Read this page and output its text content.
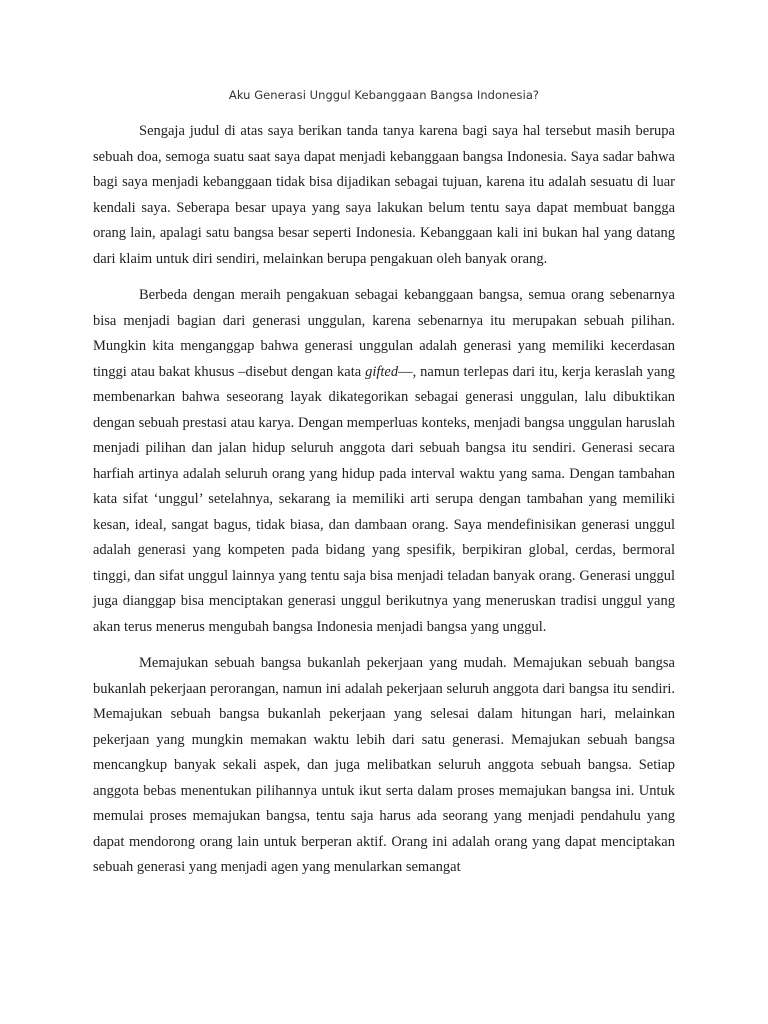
Aku Generasi Unggul Kebanggaan Bangsa Indonesia?

Sengaja judul di atas saya berikan tanda tanya karena bagi saya hal tersebut masih berupa sebuah doa, semoga suatu saat saya dapat menjadi kebanggaan bangsa Indonesia. Saya sadar bahwa bagi saya menjadi kebanggaan tidak bisa dijadikan sebagai tujuan, karena itu adalah sesuatu di luar kendali saya. Seberapa besar upaya yang saya lakukan belum tentu saya dapat membuat bangga orang lain, apalagi satu bangsa besar seperti Indonesia. Kebanggaan kali ini bukan hal yang datang dari klaim untuk diri sendiri, melainkan berupa pengakuan oleh banyak orang.

Berbeda dengan meraih pengakuan sebagai kebanggaan bangsa, semua orang sebenarnya bisa menjadi bagian dari generasi unggulan, karena sebenarnya itu merupakan sebuah pilihan. Mungkin kita menganggap bahwa generasi unggulan adalah generasi yang memiliki kecerdasan tinggi atau bakat khusus –disebut dengan kata gifted—, namun terlepas dari itu, kerja keraslah yang membenarkan bahwa seseorang layak dikategorikan sebagai generasi unggulan, lalu dibuktikan dengan sebuah prestasi atau karya. Dengan memperluas konteks, menjadi bangsa unggulan haruslah menjadi pilihan dan jalan hidup seluruh anggota dari sebuah bangsa itu sendiri. Generasi secara harfiah artinya adalah seluruh orang yang hidup pada interval waktu yang sama. Dengan tambahan kata sifat ‘unggul’ setelahnya, sekarang ia memiliki arti serupa dengan tambahan yang memiliki kesan, ideal, sangat bagus, tidak biasa, dan dambaan orang. Saya mendefinisikan generasi unggul adalah generasi yang kompeten pada bidang yang spesifik, berpikiran global, cerdas, bermoral tinggi, dan sifat unggul lainnya yang tentu saja bisa menjadi teladan banyak orang. Generasi unggul juga dianggap bisa menciptakan generasi unggul berikutnya yang meneruskan tradisi unggul yang akan terus menerus mengubah bangsa Indonesia menjadi bangsa yang unggul.

Memajukan sebuah bangsa bukanlah pekerjaan yang mudah. Memajukan sebuah bangsa bukanlah pekerjaan perorangan, namun ini adalah pekerjaan seluruh anggota dari bangsa itu sendiri. Memajukan sebuah bangsa bukanlah pekerjaan yang selesai dalam hitungan hari, melainkan pekerjaan yang mungkin memakan waktu lebih dari satu generasi. Memajukan sebuah bangsa mencangkup banyak sekali aspek, dan juga melibatkan seluruh anggota sebuah bangsa. Setiap anggota bebas menentukan pilihannya untuk ikut serta dalam proses memajukan bangsa ini. Untuk memulai proses memajukan bangsa, tentu saja harus ada seorang yang menjadi pendahulu yang dapat mendorong orang lain untuk berperan aktif. Orang ini adalah orang yang dapat menciptakan sebuah generasi yang menjadi agen yang menularkan semangat
